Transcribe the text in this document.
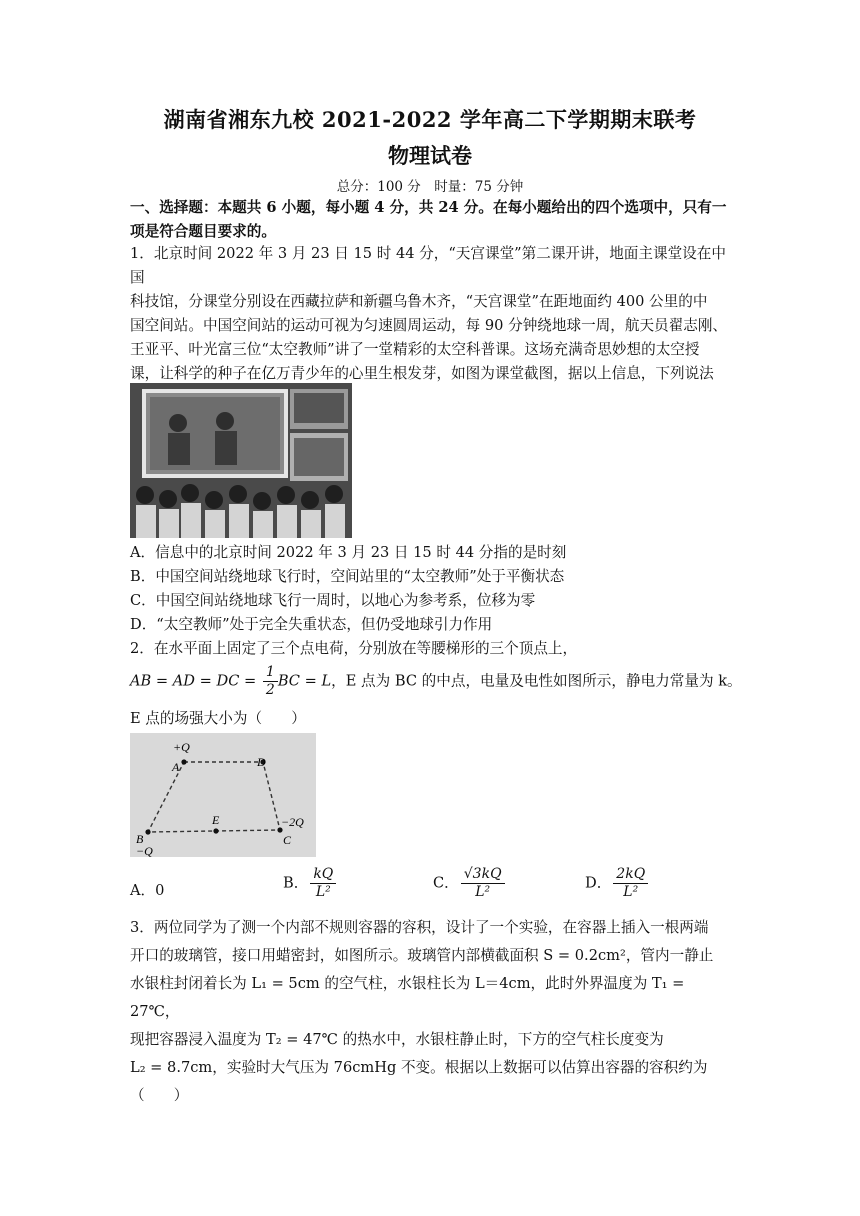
湖南省湘东九校 2021-2022 学年高二下学期期末联考
物理试卷
总分：100 分　时量：75 分钟

一、选择题：本题共 6 小题，每小题 4 分，共 24 分。在每小题给出的四个选项中，只有一

项是符合题目要求的。

1．北京时间 2022 年 3 月 23 日 15 时 44 分，“天宫课堂”第二课开讲，地面主课堂设在中国

科技馆，分课堂分别设在西藏拉萨和新疆乌鲁木齐，“天宫课堂”在距地面约 400 公里的中

国空间站。中国空间站的运动可视为匀速圆周运动，每 90 分钟绕地球一周，航天员翟志刚、

王亚平、叶光富三位“太空教师”讲了一堂精彩的太空科普课。这场充满奇思妙想的太空授

课，让科学的种子在亿万青少年的心里生根发芽，如图为课堂截图，据以上信息，下列说法

A．信息中的北京时间 2022 年 3 月 23 日 15 时 44 分指的是时刻
B．中国空间站绕地球飞行时，空间站里的“太空教师”处于平衡状态
C．中国空间站绕地球飞行一周时，以地心为参考系，位移为零
D．“太空教师”处于完全失重状态，但仍受地球引力作用
2．在水平面上固定了三个点电荷，分别放在等腰梯形的三个顶点上，
AB = AD = DC = $\frac{1}{2}$ BC = L，E 点为 BC 的中点，电量及电性如图所示，静电力常量为 k。
E 点的场强大小为（　　）
+Q
A	D
−2Q
C
B
−Q
E
A．0	B． $\frac{kQ}{\text{L²}}$	C． $\frac{√3kQ}{\text{L²}}$	D． $\frac{2kQ}{\text{L²}}$

3．两位同学为了测一个内部不规则容器的容积，设计了一个实验，在容器上插入一根两端

开口的玻璃管，接口用蜡密封，如图所示。玻璃管内部横截面积 S = 0.2cm²，管内一静止

水银柱封闭着长为 L₁ = 5cm 的空气柱，水银柱长为 L＝4cm，此时外界温度为 T₁ = 27℃，

现把容器浸入温度为 T₂ = 47℃ 的热水中，水银柱静止时，下方的空气柱长度变为

L₂ = 8.7cm，实验时大气压为 76cmHg 不变。根据以上数据可以估算出容器的容积约为

（　　）
